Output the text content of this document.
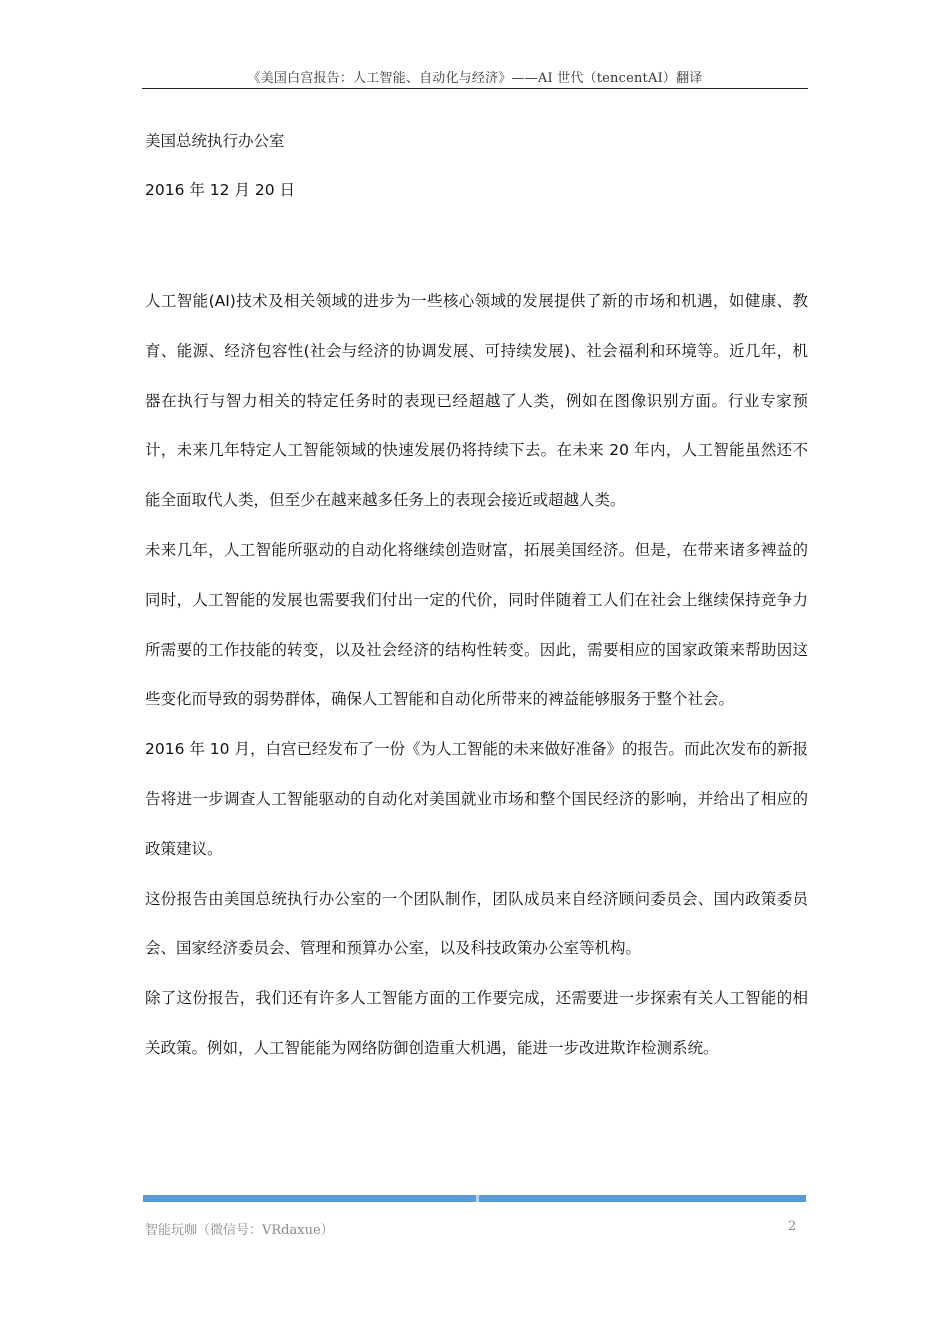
《美国白宫报告：人工智能、自动化与经济》——AI 世代（tencentAI）翻译
美国总统执行办公室
2016 年 12 月 20 日

人工智能(AI)技术及相关领域的进步为一些核心领域的发展提供了新的市场和机遇，如健康、教育、能源、经济包容性(社会与经济的协调发展、可持续发展)、社会福利和环境等。近几年，机器在执行与智力相关的特定任务时的表现已经超越了人类，例如在图像识别方面。行业专家预计，未来几年特定人工智能领域的快速发展仍将持续下去。在未来 20 年内，人工智能虽然还不能全面取代人类，但至少在越来越多任务上的表现会接近或超越人类。

未来几年，人工智能所驱动的自动化将继续创造财富，拓展美国经济。但是，在带来诸多裨益的同时，人工智能的发展也需要我们付出一定的代价，同时伴随着工人们在社会上继续保持竞争力所需要的工作技能的转变，以及社会经济的结构性转变。因此，需要相应的国家政策来帮助因这些变化而导致的弱势群体，确保人工智能和自动化所带来的裨益能够服务于整个社会。

2016 年 10 月，白宫已经发布了一份《为人工智能的未来做好准备》的报告。而此次发布的新报告将进一步调查人工智能驱动的自动化对美国就业市场和整个国民经济的影响，并给出了相应的政策建议。

这份报告由美国总统执行办公室的一个团队制作，团队成员来自经济顾问委员会、国内政策委员会、国家经济委员会、管理和预算办公室，以及科技政策办公室等机构。

除了这份报告，我们还有许多人工智能方面的工作要完成，还需要进一步探索有关人工智能的相关政策。例如，人工智能能为网络防御创造重大机遇，能进一步改进欺诈检测系统。

智能玩咖（微信号：VRdaxue）	2
